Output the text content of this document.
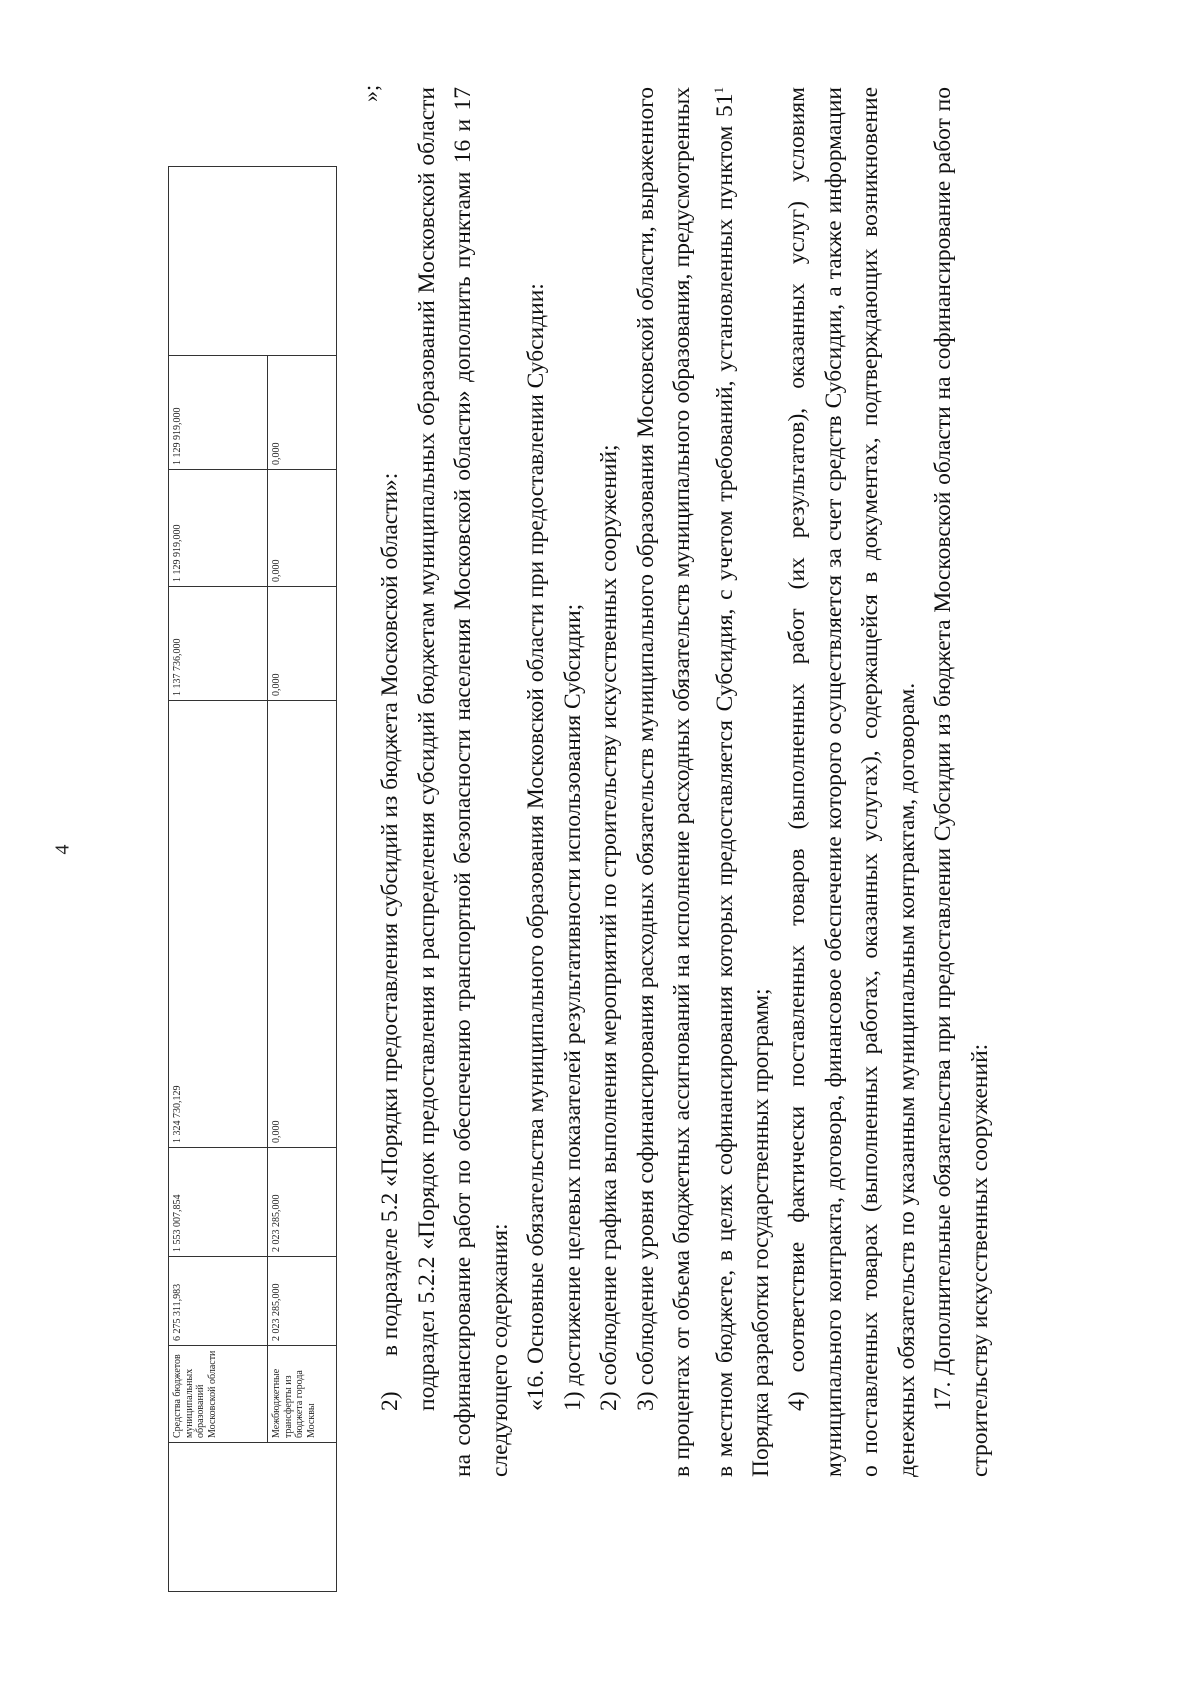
4
	Средства бюджетов муниципальных образований Московской области	6 275 311,983	1 553 007,854	1 324 730,129	1 137 736,000	1 129 919,000	1 129 919,000	
	Межбюджетные трансферты из бюджета города Москвы	2 023 285,000	2 023 285,000	0,000	0,000	0,000	0,000	
»;

2)      в подразделе 5.2 «Порядки предоставления субсидий из бюджета Московской области»: подраздел 5.2.2 «Порядок предоставления и распределения субсидий бюджетам муниципальных образований Московской области на софинансирование работ по обеспечению транспортной безопасности населения Московской области» дополнить пунктами 16 и 17 следующего содержания: «16. Основные обязательства муниципального образования Московской области при предоставлении Субсидии: 1) достижение целевых показателей результативности использования Субсидии; 2) соблюдение графика выполнения мероприятий по строительству искусственных сооружений; 3) соблюдение уровня софинансирования расходных обязательств муниципального образования Московской области, выраженного в процентах от объема бюджетных ассигнований на исполнение расходных обязательств муниципального образования, предусмотренных в местном бюджете, в целях софинансирования которых предоставляется Субсидия, с учетом требований, установленных пунктом $51^1$ Порядка разработки государственных программ; 4) соответствие фактически поставленных товаров (выполненных работ (их результатов), оказанных услуг) условиям муниципального контракта, договора, финансовое обеспечение которого осуществляется за счет средств Субсидии, а также информации о поставленных товарах (выполненных работах, оказанных услугах), содержащейся в документах, подтверждающих возникновение денежных обязательств по указанным муниципальным контрактам, договорам. 17. Дополнительные обязательства при предоставлении Субсидии из бюджета Московской области на софинансирование работ по строительству искусственных сооружений:
